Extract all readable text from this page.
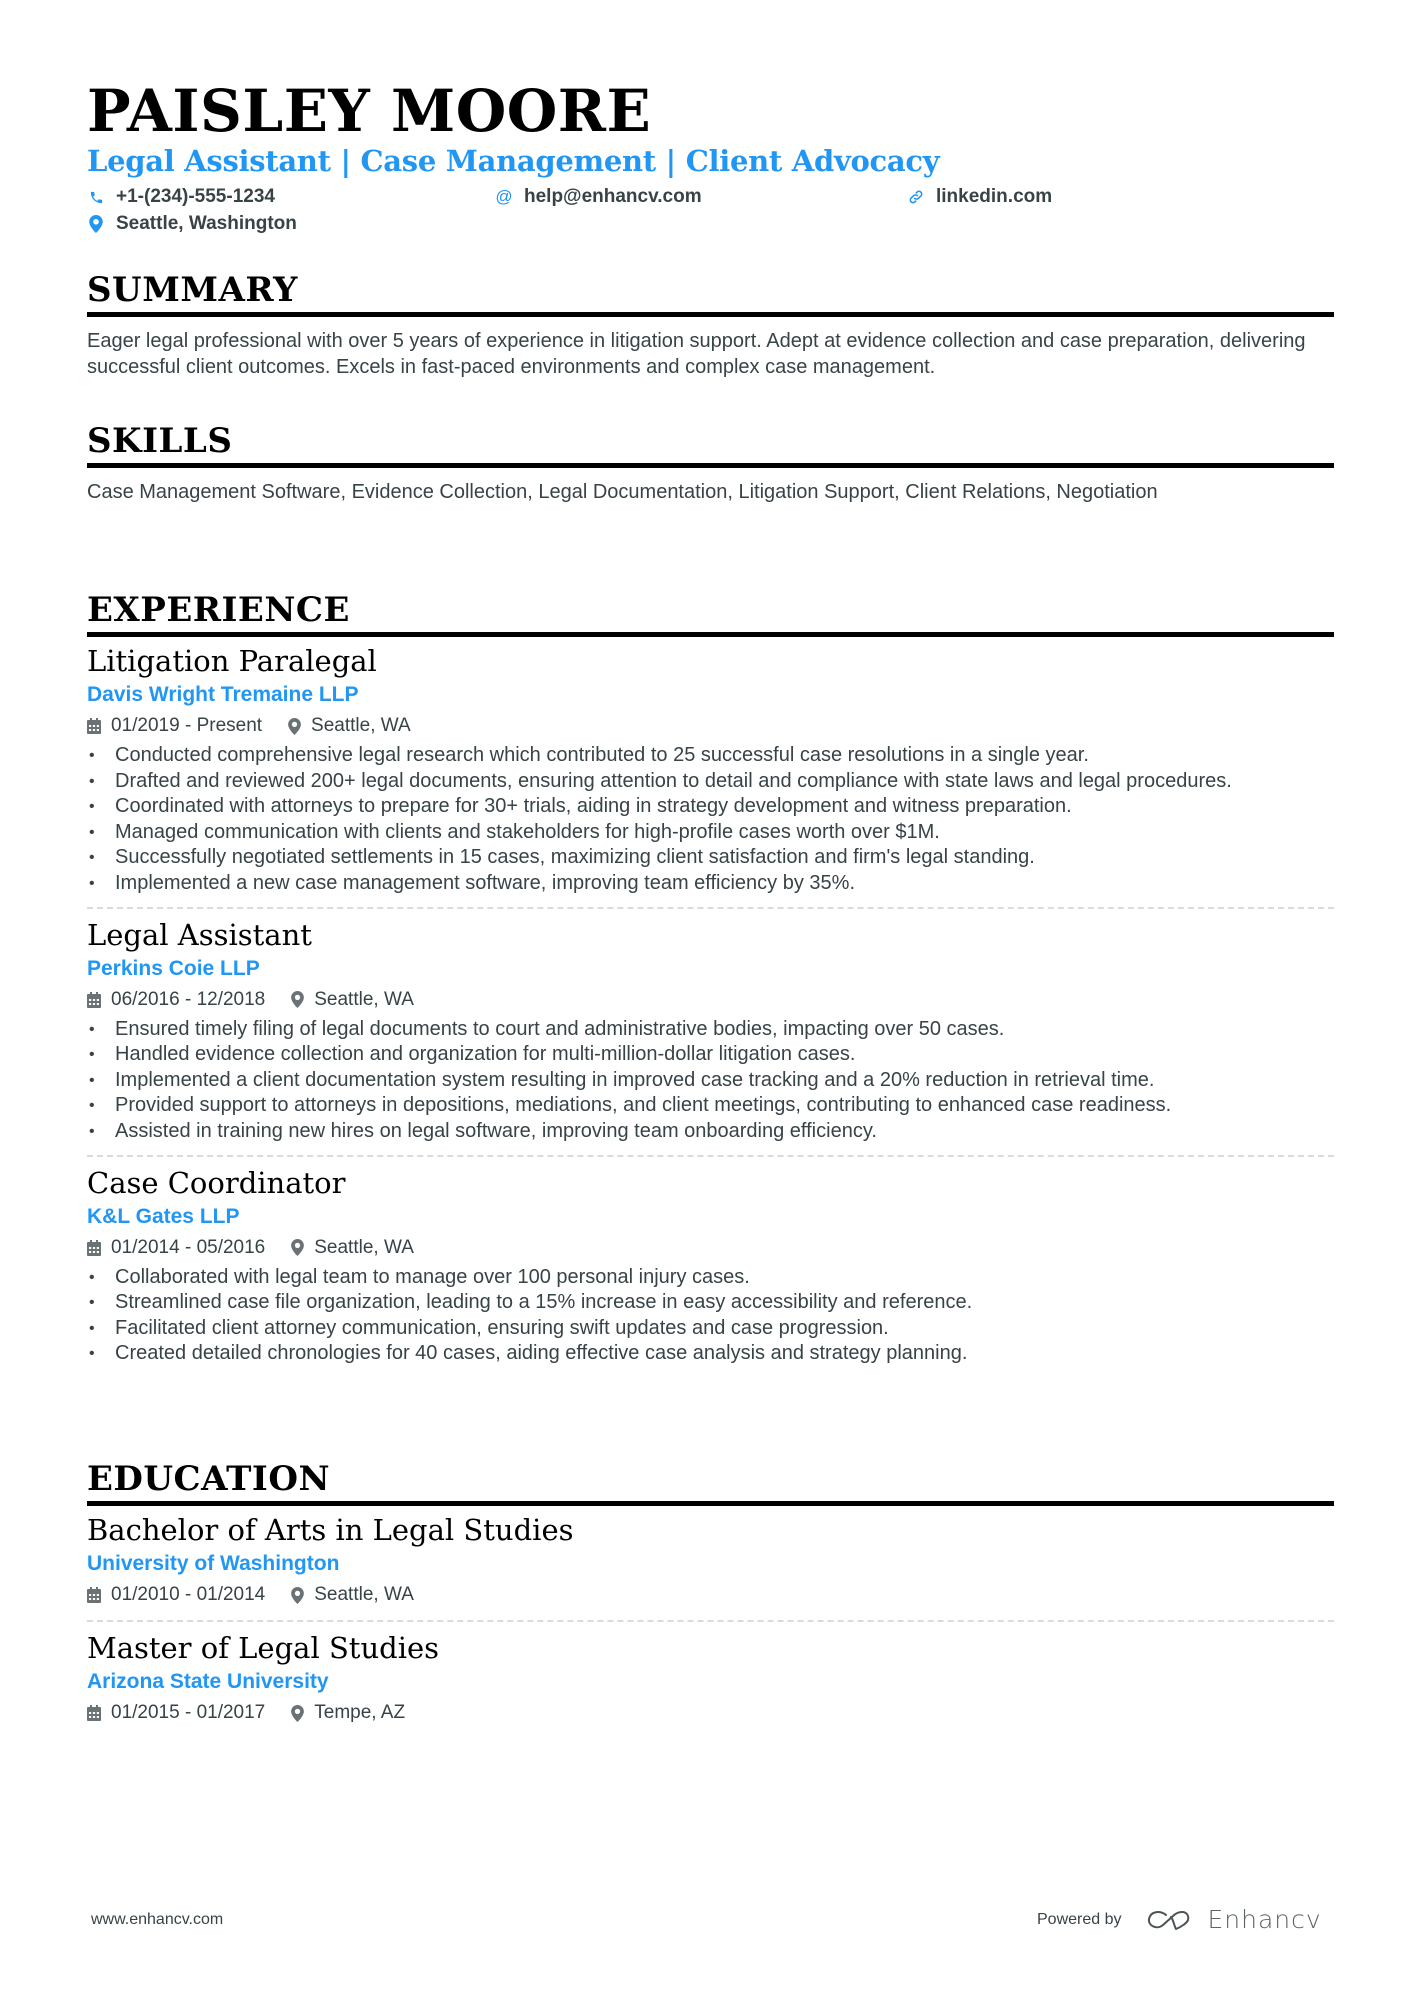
PAISLEY MOORE
Legal Assistant | Case Management | Client Advocacy
+1-(234)-555-1234	@ help@enhancv.com	linkedin.com
Seattle, Washington
SUMMARY
Eager legal professional with over 5 years of experience in litigation support. Adept at evidence collection and case preparation, delivering successful client outcomes. Excels in fast-paced environments and complex case management.
SKILLS
Case Management Software, Evidence Collection, Legal Documentation, Litigation Support, Client Relations, Negotiation
EXPERIENCE
Litigation Paralegal
Davis Wright Tremaine LLP
01/2019 - Present	Seattle, WA
• Conducted comprehensive legal research which contributed to 25 successful case resolutions in a single year.
• Drafted and reviewed 200+ legal documents, ensuring attention to detail and compliance with state laws and legal procedures.
• Coordinated with attorneys to prepare for 30+ trials, aiding in strategy development and witness preparation.
• Managed communication with clients and stakeholders for high-profile cases worth over $1M.
• Successfully negotiated settlements in 15 cases, maximizing client satisfaction and firm's legal standing.
• Implemented a new case management software, improving team efficiency by 35%.
Legal Assistant
Perkins Coie LLP
06/2016 - 12/2018	Seattle, WA
• Ensured timely filing of legal documents to court and administrative bodies, impacting over 50 cases.
• Handled evidence collection and organization for multi-million-dollar litigation cases.
• Implemented a client documentation system resulting in improved case tracking and a 20% reduction in retrieval time.
• Provided support to attorneys in depositions, mediations, and client meetings, contributing to enhanced case readiness.
• Assisted in training new hires on legal software, improving team onboarding efficiency.
Case Coordinator
K&L Gates LLP
01/2014 - 05/2016	Seattle, WA
• Collaborated with legal team to manage over 100 personal injury cases.
• Streamlined case file organization, leading to a 15% increase in easy accessibility and reference.
• Facilitated client attorney communication, ensuring swift updates and case progression.
• Created detailed chronologies for 40 cases, aiding effective case analysis and strategy planning.
EDUCATION
Bachelor of Arts in Legal Studies
University of Washington
01/2010 - 01/2014	Seattle, WA
Master of Legal Studies
Arizona State University
01/2015 - 01/2017	Tempe, AZ
www.enhancv.com	Powered by	Enhancv
